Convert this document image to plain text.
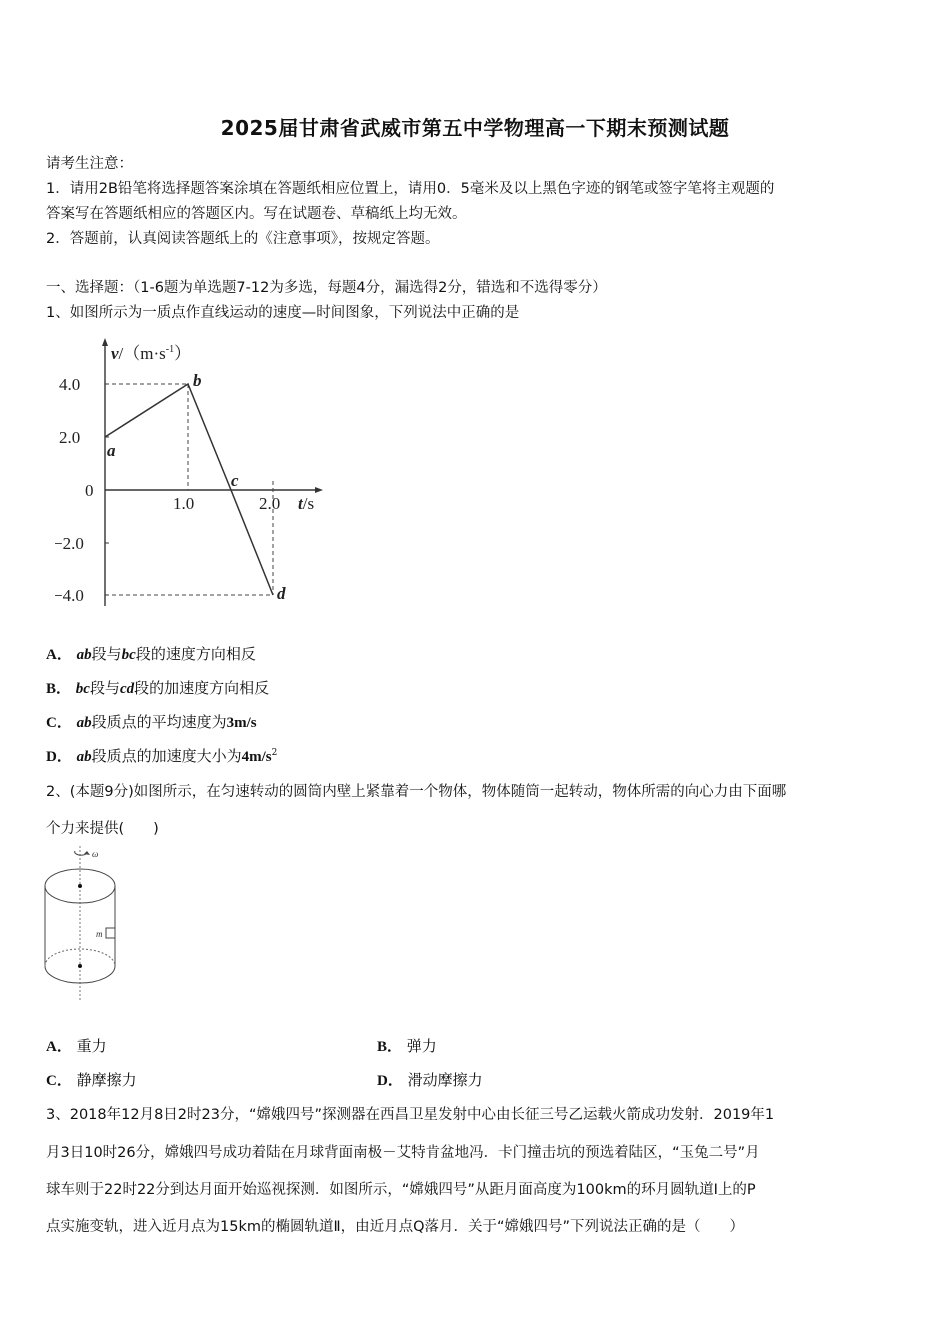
2025届甘肃省武威市第五中学物理高一下期末预测试题
请考生注意：
1．请用2B铅笔将选择题答案涂填在答题纸相应位置上，请用0．5毫米及以上黑色字迹的钢笔或签字笔将主观题的
答案写在答题纸相应的答题区内。写在试题卷、草稿纸上均无效。
2．答题前，认真阅读答题纸上的《注意事项》，按规定答题。
一、选择题：（1-6题为单选题7-12为多选，每题4分，漏选得2分，错选和不选得零分）
1、如图所示为一质点作直线运动的速度—时间图象，下列说法中正确的是
$v/(m\cdot s^{-1})$
4.0
2.0
0
−2.0
−4.0
1.0	2.0 t/s
b
a
c
d
A． ab段与bc段的速度方向相反
B． bc段与cd段的加速度方向相反
C． ab段质点的平均速度为3m/s
D． ab段质点的加速度大小为$4m/s^2$
2、(本题9分)如图所示，在匀速转动的圆筒内壁上紧靠着一个物体，物体随筒一起转动，物体所需的向心力由下面哪
个力来提供(　　)
ω
m
A． 重力	B． 弹力
C． 静摩擦力	D． 滑动摩擦力
3、2018年12月8日2时23分，“嫦娥四号”探测器在西昌卫星发射中心由长征三号乙运载火箭成功发射．2019年1
月3日10时26分，嫦娥四号成功着陆在月球背面南极－艾特肯盆地冯．卡门撞击坑的预选着陆区，“玉兔二号”月
球车则于22时22分到达月面开始巡视探测．如图所示，“嫦娥四号”从距月面高度为100km的环月圆轨道Ⅰ上的P
点实施变轨，进入近月点为15km的椭圆轨道Ⅱ，由近月点Q落月．关于“嫦娥四号”下列说法正确的是（　　）
